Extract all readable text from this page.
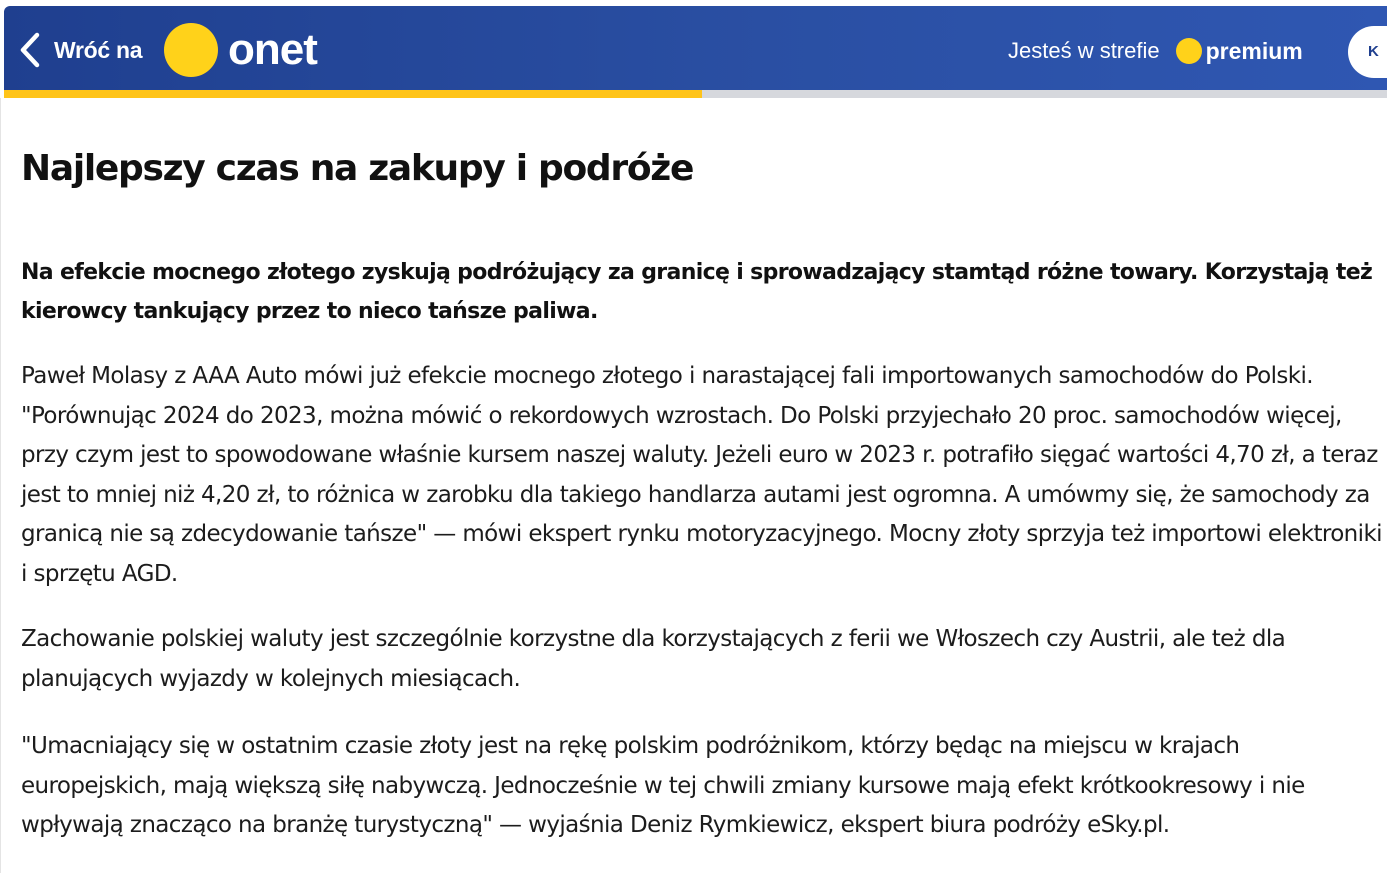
Wróć na onet	Jesteś w strefie premium	K
Najlepszy czas na zakupy i podróże

Na efekcie mocnego złotego zyskują podróżujący za granicę i sprowadzający stamtąd różne towary. Korzystają też kierowcy tankujący przez to nieco tańsze paliwa.

Paweł Molasy z AAA Auto mówi już efekcie mocnego złotego i narastającej fali importowanych samochodów do Polski. "Porównując 2024 do 2023, można mówić o rekordowych wzrostach. Do Polski przyjechało 20 proc. samochodów więcej, przy czym jest to spowodowane właśnie kursem naszej waluty. Jeżeli euro w 2023 r. potrafiło sięgać wartości 4,70 zł, a teraz jest to mniej niż 4,20 zł, to różnica w zarobku dla takiego handlarza autami jest ogromna. A umówmy się, że samochody za granicą nie są zdecydowanie tańsze" — mówi ekspert rynku motoryzacyjnego. Mocny złoty sprzyja też importowi elektroniki i sprzętu AGD.

Zachowanie polskiej waluty jest szczególnie korzystne dla korzystających z ferii we Włoszech czy Austrii, ale też dla planujących wyjazdy w kolejnych miesiącach.

"Umacniający się w ostatnim czasie złoty jest na rękę polskim podróżnikom, którzy będąc na miejscu w krajach europejskich, mają większą siłę nabywczą. Jednocześnie w tej chwili zmiany kursowe mają efekt krótkookresowy i nie wpływają znacząco na branżę turystyczną" — wyjaśnia Deniz Rymkiewicz, ekspert biura podróży eSky.pl.
